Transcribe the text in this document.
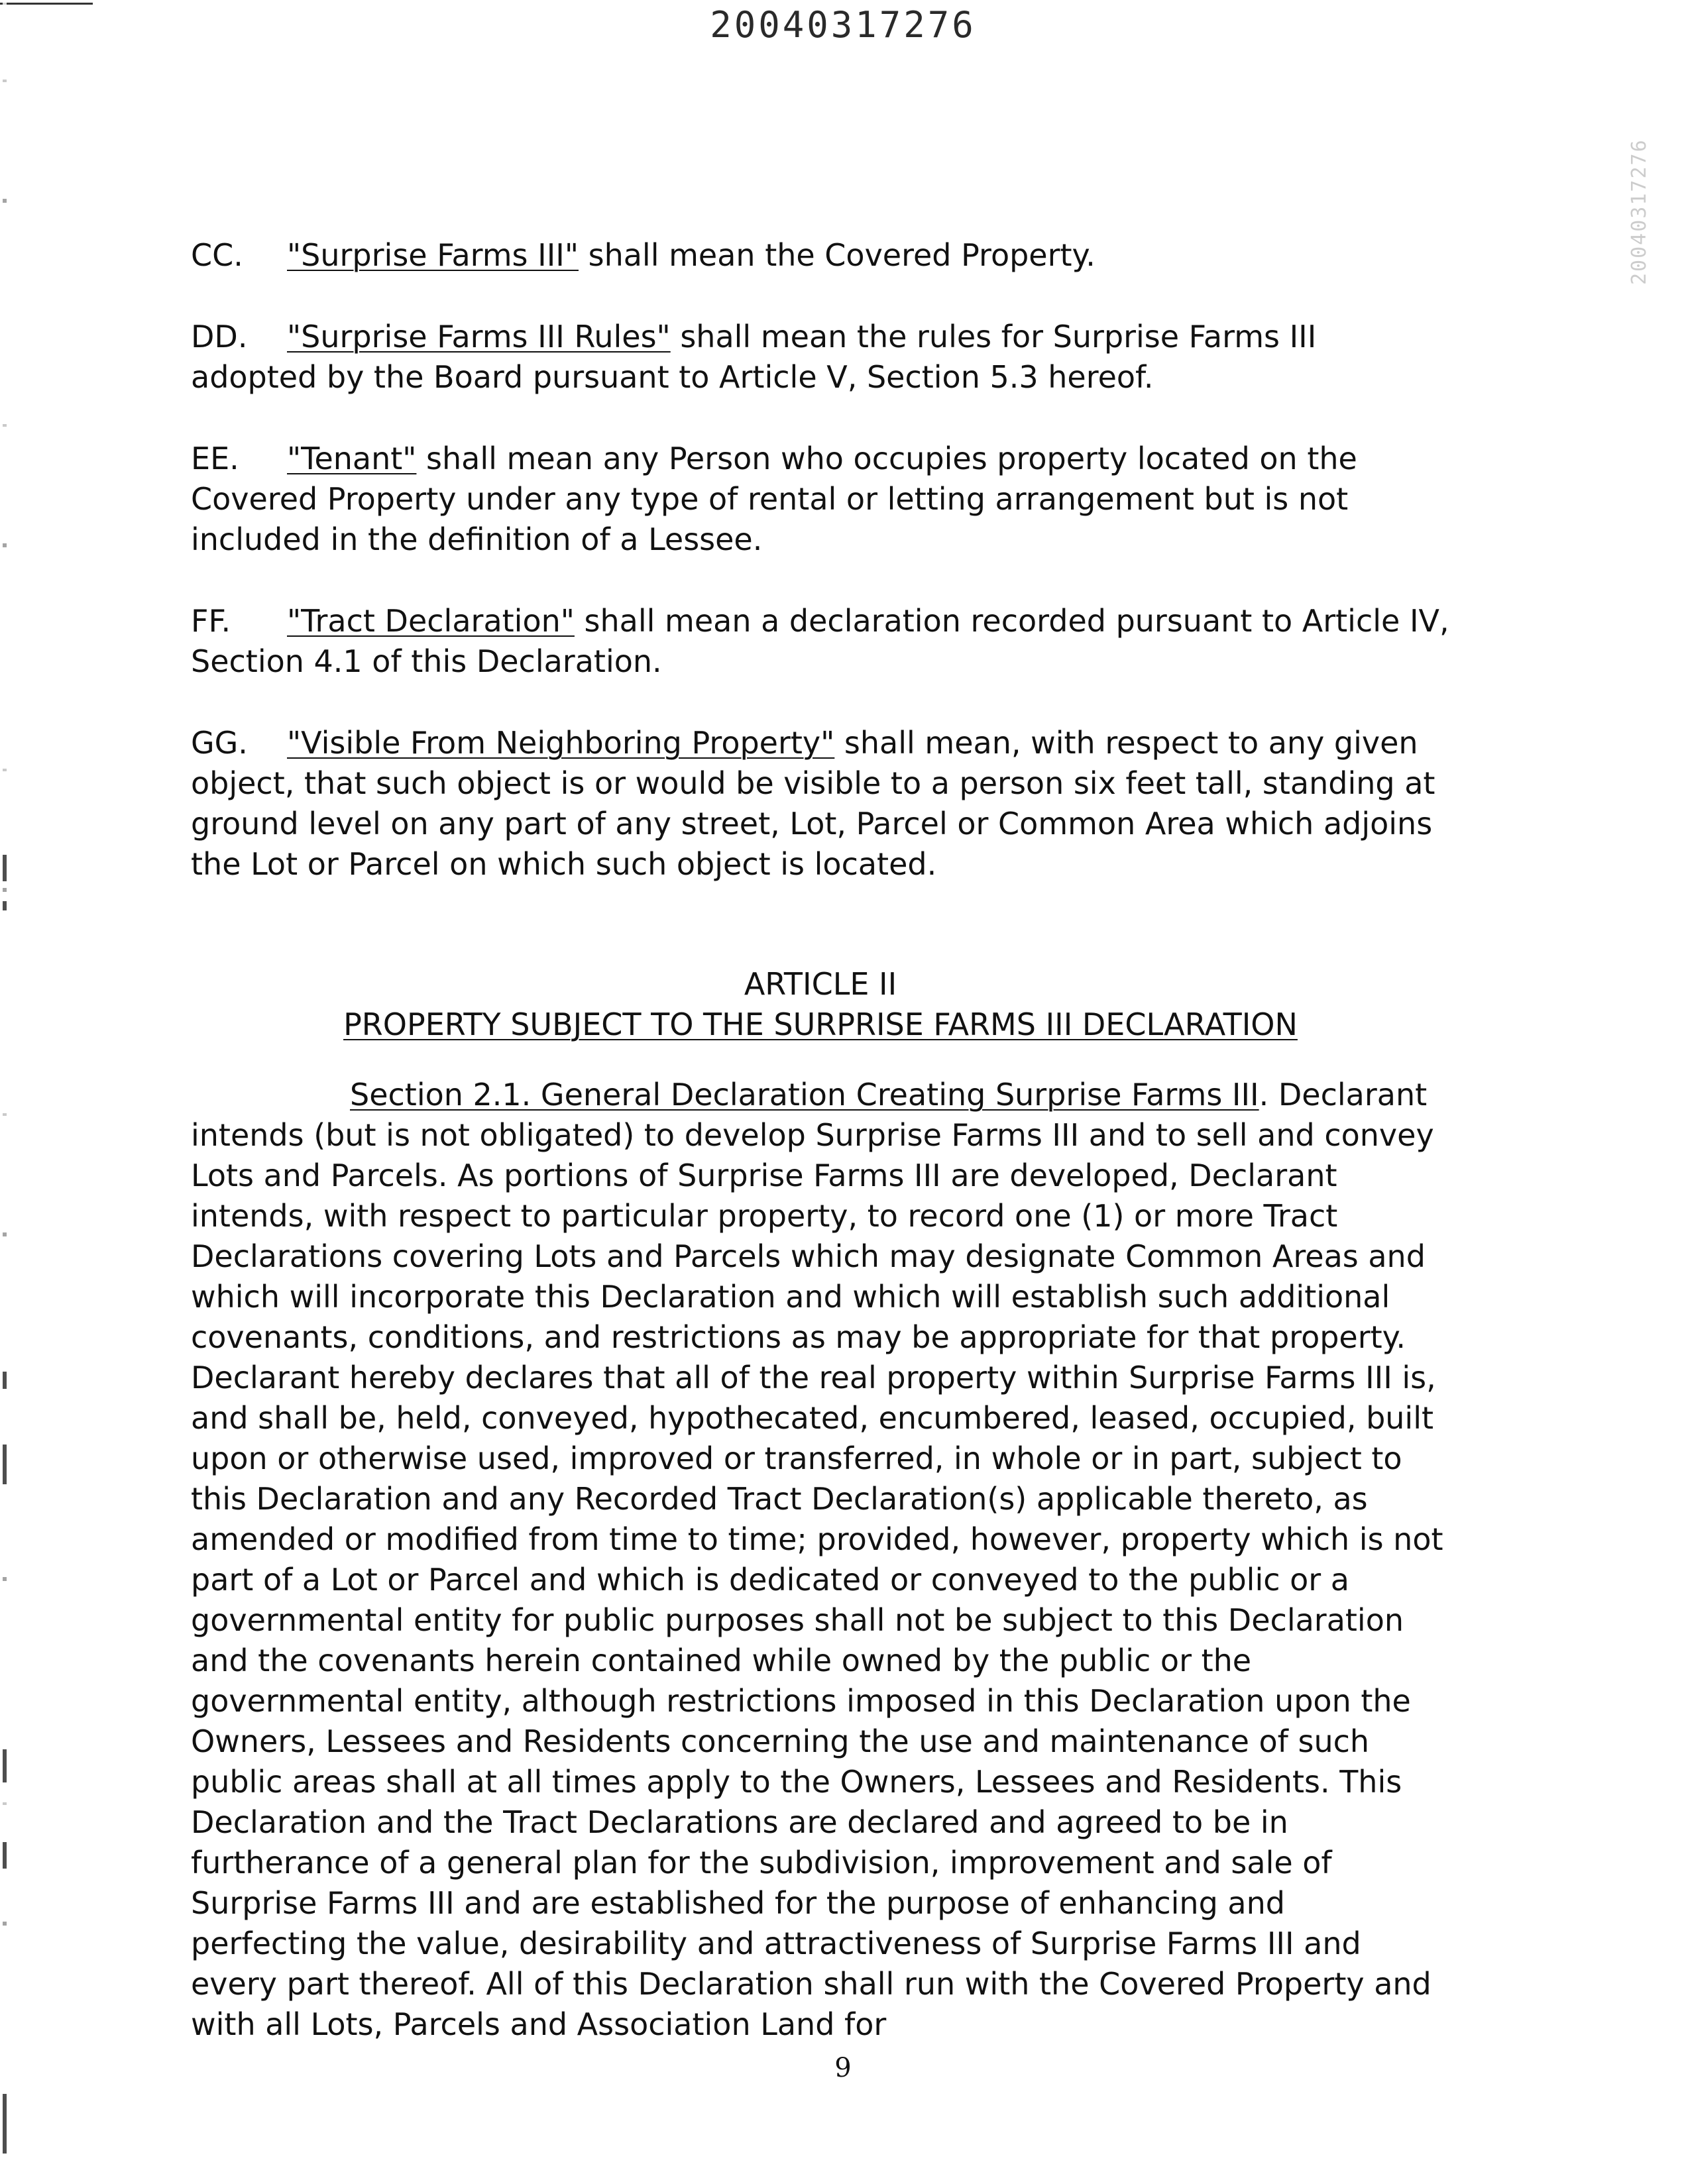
20040317276
20040317276

CC. "Surprise Farms III" shall mean the Covered Property.

DD. "Surprise Farms III Rules" shall mean the rules for Surprise Farms III adopted by the Board pursuant to Article V, Section 5.3 hereof.

EE. "Tenant" shall mean any Person who occupies property located on the Covered Property under any type of rental or letting arrangement but is not included in the definition of a Lessee.

FF. "Tract Declaration" shall mean a declaration recorded pursuant to Article IV, Section 4.1 of this Declaration.

GG. "Visible From Neighboring Property" shall mean, with respect to any given object, that such object is or would be visible to a person six feet tall, standing at ground level on any part of any street, Lot, Parcel or Common Area which adjoins the Lot or Parcel on which such object is located.

ARTICLE II
PROPERTY SUBJECT TO THE SURPRISE FARMS III DECLARATION

Section 2.1. General Declaration Creating Surprise Farms III. Declarant intends (but is not obligated) to develop Surprise Farms III and to sell and convey Lots and Parcels. As portions of Surprise Farms III are developed, Declarant intends, with respect to particular property, to record one (1) or more Tract Declarations covering Lots and Parcels which may designate Common Areas and which will incorporate this Declaration and which will establish such additional covenants, conditions, and restrictions as may be appropriate for that property. Declarant hereby declares that all of the real property within Surprise Farms III is, and shall be, held, conveyed, hypothecated, encumbered, leased, occupied, built upon or otherwise used, improved or transferred, in whole or in part, subject to this Declaration and any Recorded Tract Declaration(s) applicable thereto, as amended or modified from time to time; provided, however, property which is not part of a Lot or Parcel and which is dedicated or conveyed to the public or a governmental entity for public purposes shall not be subject to this Declaration and the covenants herein contained while owned by the public or the governmental entity, although restrictions imposed in this Declaration upon the Owners, Lessees and Residents concerning the use and maintenance of such public areas shall at all times apply to the Owners, Lessees and Residents. This Declaration and the Tract Declarations are declared and agreed to be in furtherance of a general plan for the subdivision, improvement and sale of Surprise Farms III and are established for the purpose of enhancing and perfecting the value, desirability and attractiveness of Surprise Farms III and every part thereof. All of this Declaration shall run with the Covered Property and with all Lots, Parcels and Association Land for

9
